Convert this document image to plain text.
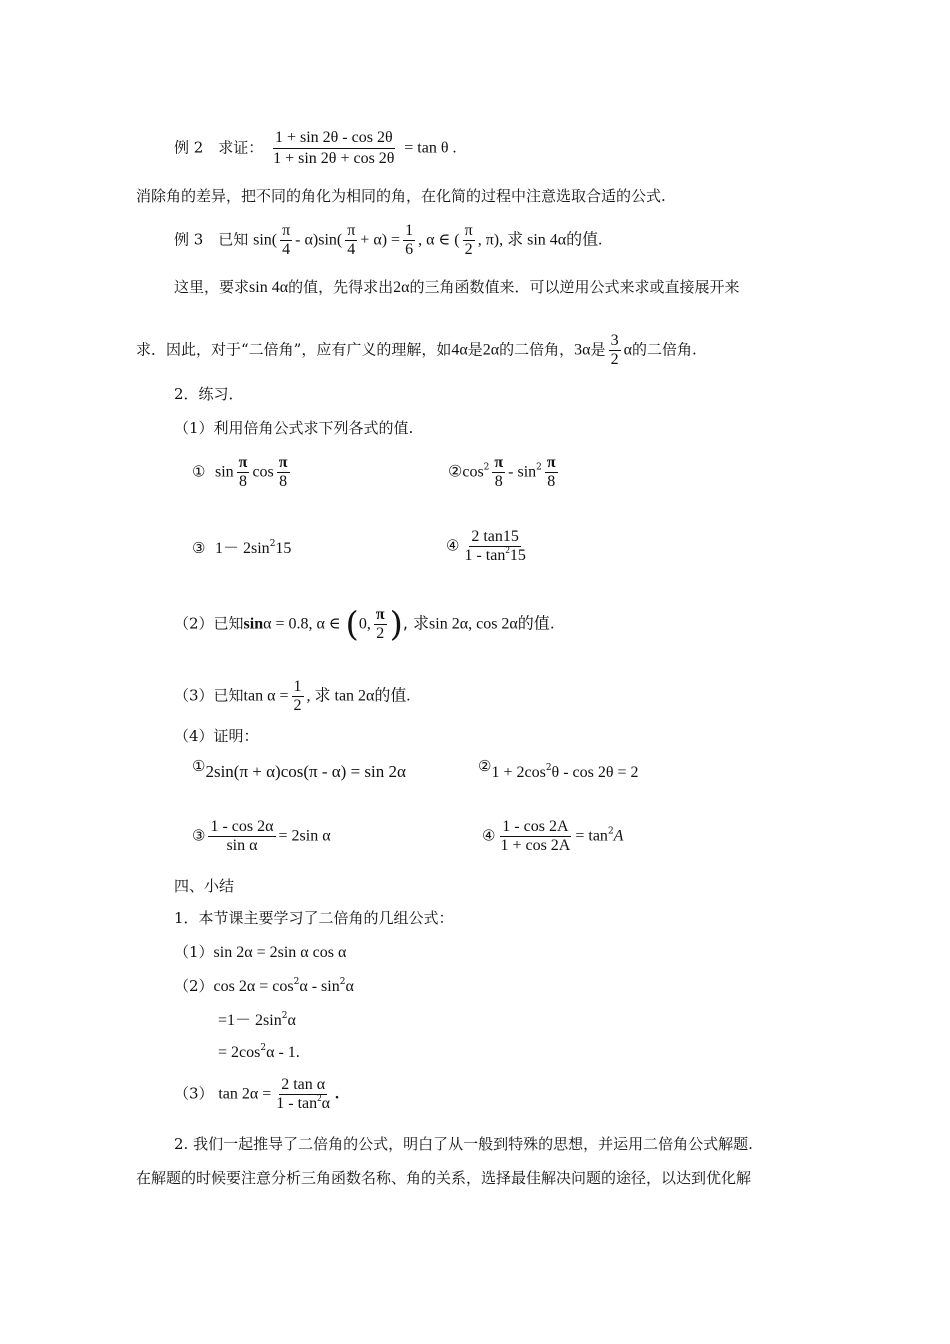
例 2　求证： $\frac{1 + \sin 2\theta - \cos 2\theta}{1 + \sin 2\theta + \cos 2\theta} = \tan \theta$ .
消除角的差异，把不同的角化为相同的角，在化简的过程中注意选取合适的公式.
例 3　已知 $\sin( \frac{\pi}{4} - \alpha)\sin( \frac{\pi}{4} + \alpha) = \frac{1}{6}$ , α ∈ ( $\frac{\pi}{2}$ , π), 求 sin 4α的值.
这里，要求sin 4α的值，先得求出2α的三角函数值来．可以逆用公式来求或直接展开来
求．因此，对于“二倍角”，应有广义的理解，如4α是2α的二倍角，3α是 $\frac{3}{2}$ α的二倍角.
2．练习．
（1）利用倍角公式求下列各式的值.
① $\sin \frac{\pi}{8}$ $\cos \frac{\pi}{8}$	$②\cos^2 \frac{\pi}{8} - \sin^2 \frac{\pi}{8}$
③ $1- 2\sin^215$	④ $\frac{2 \tan 15}{1 - \tan^215}$
（2）已知sinα = 0.8, α ∈ (0, $\frac{\pi}{2}$ ), 求sin 2α, cos 2α的值.
（3）已知$\tan \alpha = \frac{1}{2}$ , 求 tan 2α的值.
（4）证明：
①2sin(π + α)cos(π - α) = sin 2α	②1 + $2\cos^2\theta - \cos 2\theta = 2$
③ $\frac{1 - \cos 2\alpha}{\text{sin α}} = 2\sin$ α	④ $\frac{1 - \cos 2A}{1 + \cos 2A} = \tan^2A$
四、小结
1．本节课主要学习了二倍角的几组公式：
（1）sin 2α = 2sin α cos α
（2）cos $2\alpha = \cos^2\alpha - \sin^2\alpha$
$=1- 2\sin^2\alpha$
= $2\cos^2\alpha - 1$.
（3） $\tan 2\alpha = \frac{\text{2 tan α}}{1 - \tan^2\alpha}$ .
2. 我们一起推导了二倍角的公式，明白了从一般到特殊的思想，并运用二倍角公式解题.
在解题的时候要注意分析三角函数名称、角的关系，选择最佳解决问题的途径，以达到优化解
